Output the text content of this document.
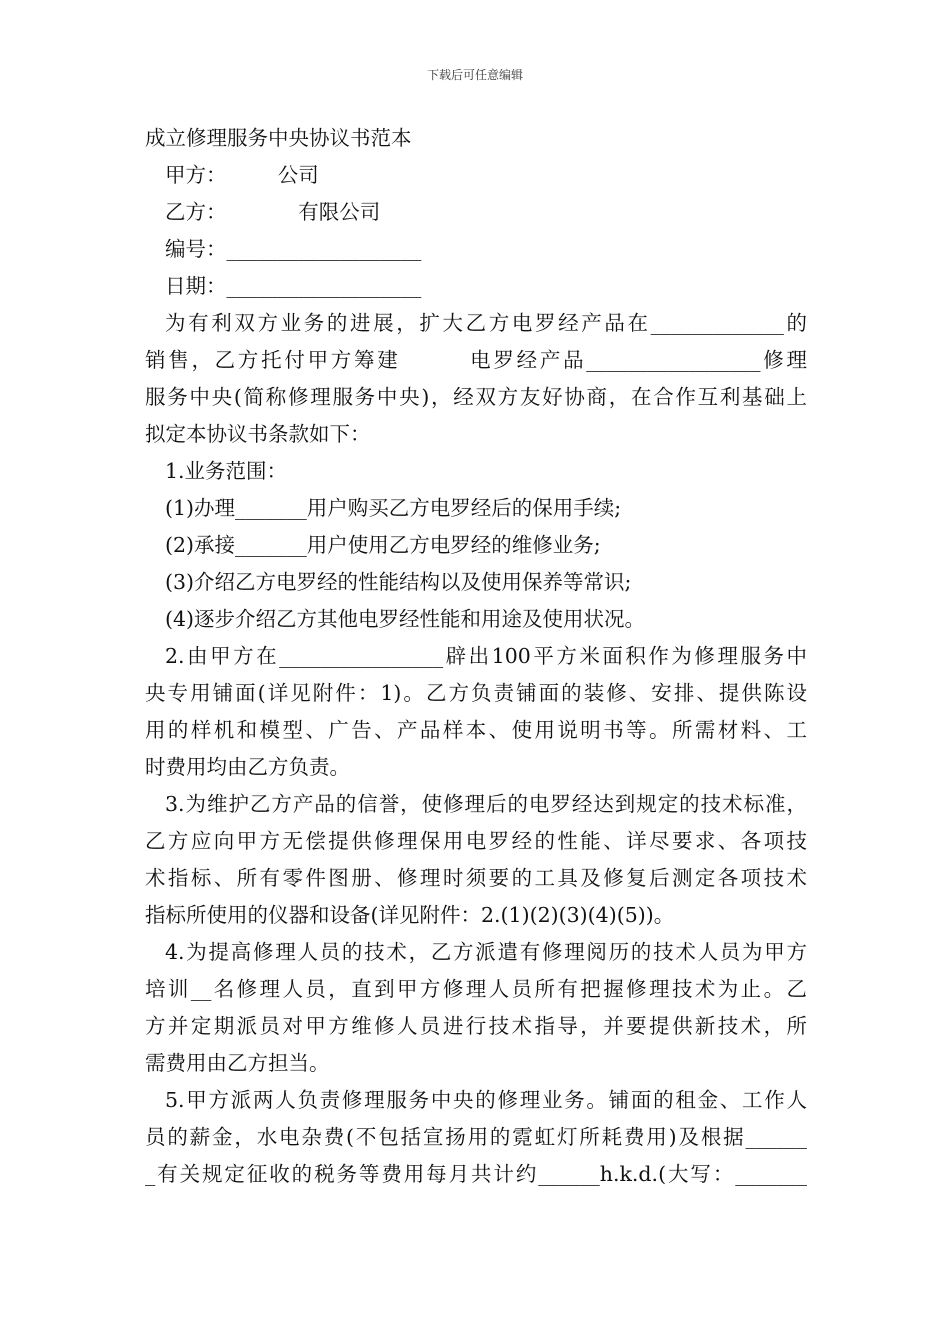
下载后可任意编辑
成立修理服务中央协议书范本
甲方：　　　公司
乙方：　　　　有限公司
编号：___________________
日期：___________________
为有利双方业务的进展，扩大乙方电罗经产品在_____________的
销售，乙方托付甲方筹建　　　电罗经产品_________________修理
服务中央(简称修理服务中央)，经双方友好协商，在合作互利基础上
拟定本协议书条款如下：
1.业务范围：
(1)办理_______用户购买乙方电罗经后的保用手续;
(2)承接_______用户使用乙方电罗经的维修业务;
(3)介绍乙方电罗经的性能结构以及使用保养等常识;
(4)逐步介绍乙方其他电罗经性能和用途及使用状况。
2.由甲方在________________辟出100平方米面积作为修理服务中
央专用铺面(详见附件：1)。乙方负责铺面的装修、安排、提供陈设
用的样机和模型、广告、产品样本、使用说明书等。所需材料、工
时费用均由乙方负责。
3.为维护乙方产品的信誉，使修理后的电罗经达到规定的技术标准，
乙方应向甲方无偿提供修理保用电罗经的性能、详尽要求、各项技
术指标、所有零件图册、修理时须要的工具及修复后测定各项技术
指标所使用的仪器和设备(详见附件：2.(1)(2)(3)(4)(5))。
4.为提高修理人员的技术，乙方派遣有修理阅历的技术人员为甲方
培训__名修理人员，直到甲方修理人员所有把握修理技术为止。乙
方并定期派员对甲方维修人员进行技术指导，并要提供新技术，所
需费用由乙方担当。
5.甲方派两人负责修理服务中央的修理业务。铺面的租金、工作人
员的薪金，水电杂费(不包括宣扬用的霓虹灯所耗费用)及根据______
_有关规定征收的税务等费用每月共计约______h.k.d.(大写：_______
